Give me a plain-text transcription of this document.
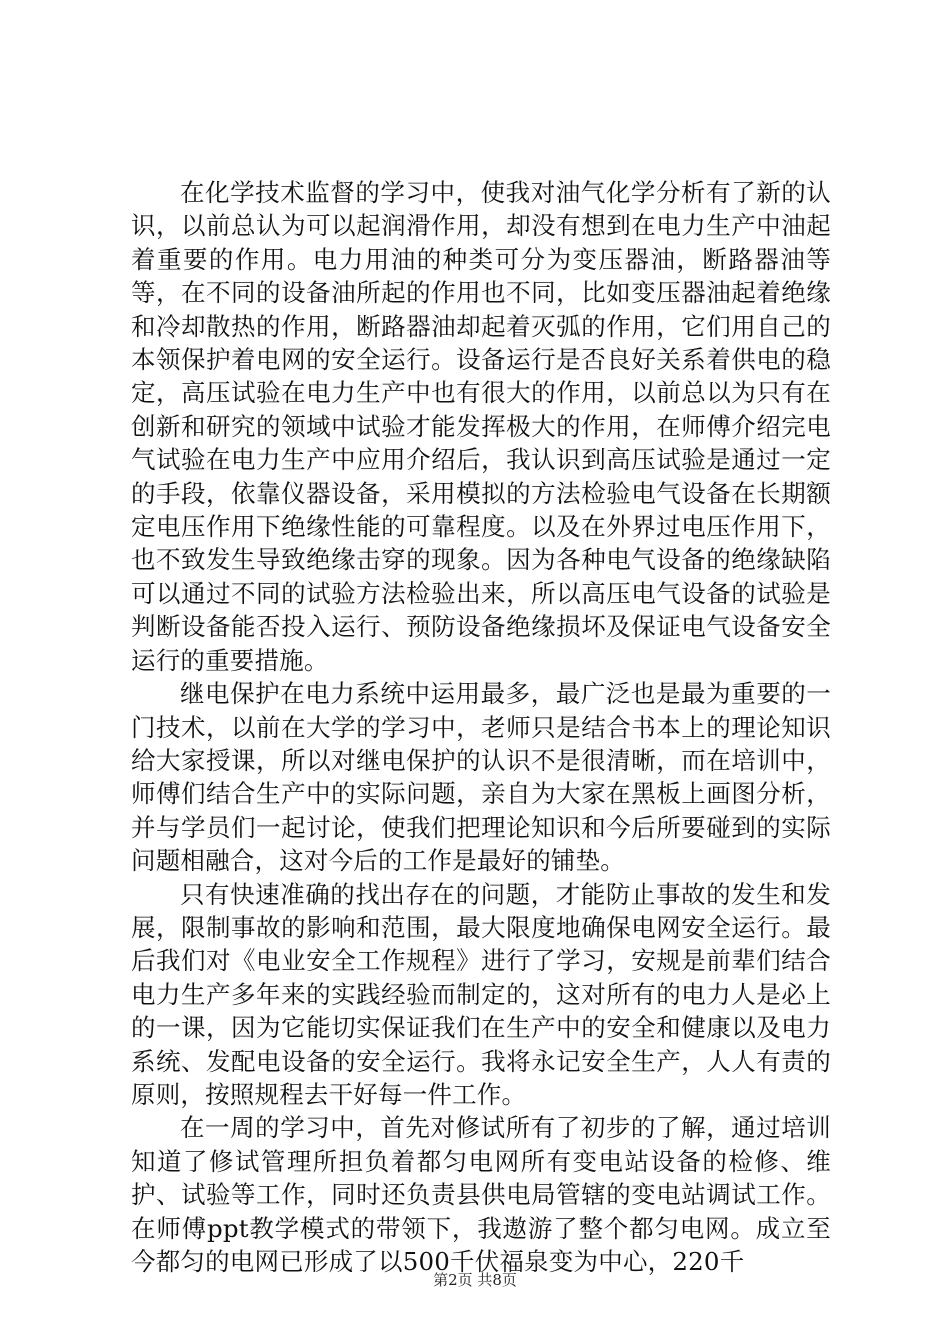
在化学技术监督的学习中，使我对油气化学分析有了新的认识，以前总认为可以起润滑作用，却没有想到在电力生产中油起着重要的作用。电力用油的种类可分为变压器油，断路器油等等，在不同的设备油所起的作用也不同，比如变压器油起着绝缘和冷却散热的作用，断路器油却起着灭弧的作用，它们用自己的本领保护着电网的安全运行。设备运行是否良好关系着供电的稳定，高压试验在电力生产中也有很大的作用，以前总以为只有在创新和研究的领域中试验才能发挥极大的作用，在师傅介绍完电气试验在电力生产中应用介绍后，我认识到高压试验是通过一定的手段，依靠仪器设备，采用模拟的方法检验电气设备在长期额定电压作用下绝缘性能的可靠程度。以及在外界过电压作用下，也不致发生导致绝缘击穿的现象。因为各种电气设备的绝缘缺陷可以通过不同的试验方法检验出来，所以高压电气设备的试验是判断设备能否投入运行、预防设备绝缘损坏及保证电气设备安全运行的重要措施。

继电保护在电力系统中运用最多，最广泛也是最为重要的一门技术，以前在大学的学习中，老师只是结合书本上的理论知识给大家授课，所以对继电保护的认识不是很清晰，而在培训中，师傅们结合生产中的实际问题，亲自为大家在黑板上画图分析，并与学员们一起讨论，使我们把理论知识和今后所要碰到的实际问题相融合，这对今后的工作是最好的铺垫。

只有快速准确的找出存在的问题，才能防止事故的发生和发展，限制事故的影响和范围，最大限度地确保电网安全运行。最后我们对《电业安全工作规程》进行了学习，安规是前辈们结合电力生产多年来的实践经验而制定的，这对所有的电力人是必上的一课，因为它能切实保证我们在生产中的安全和健康以及电力系统、发配电设备的安全运行。我将永记安全生产，人人有责的原则，按照规程去干好每一件工作。

在一周的学习中，首先对修试所有了初步的了解，通过培训知道了修试管理所担负着都匀电网所有变电站设备的检修、维护、试验等工作，同时还负责县供电局管辖的变电站调试工作。在师傅ppt教学模式的带领下，我遨游了整个都匀电网。成立至今都匀的电网已形成了以500千伏福泉变为中心，220千

第2页 共8页
